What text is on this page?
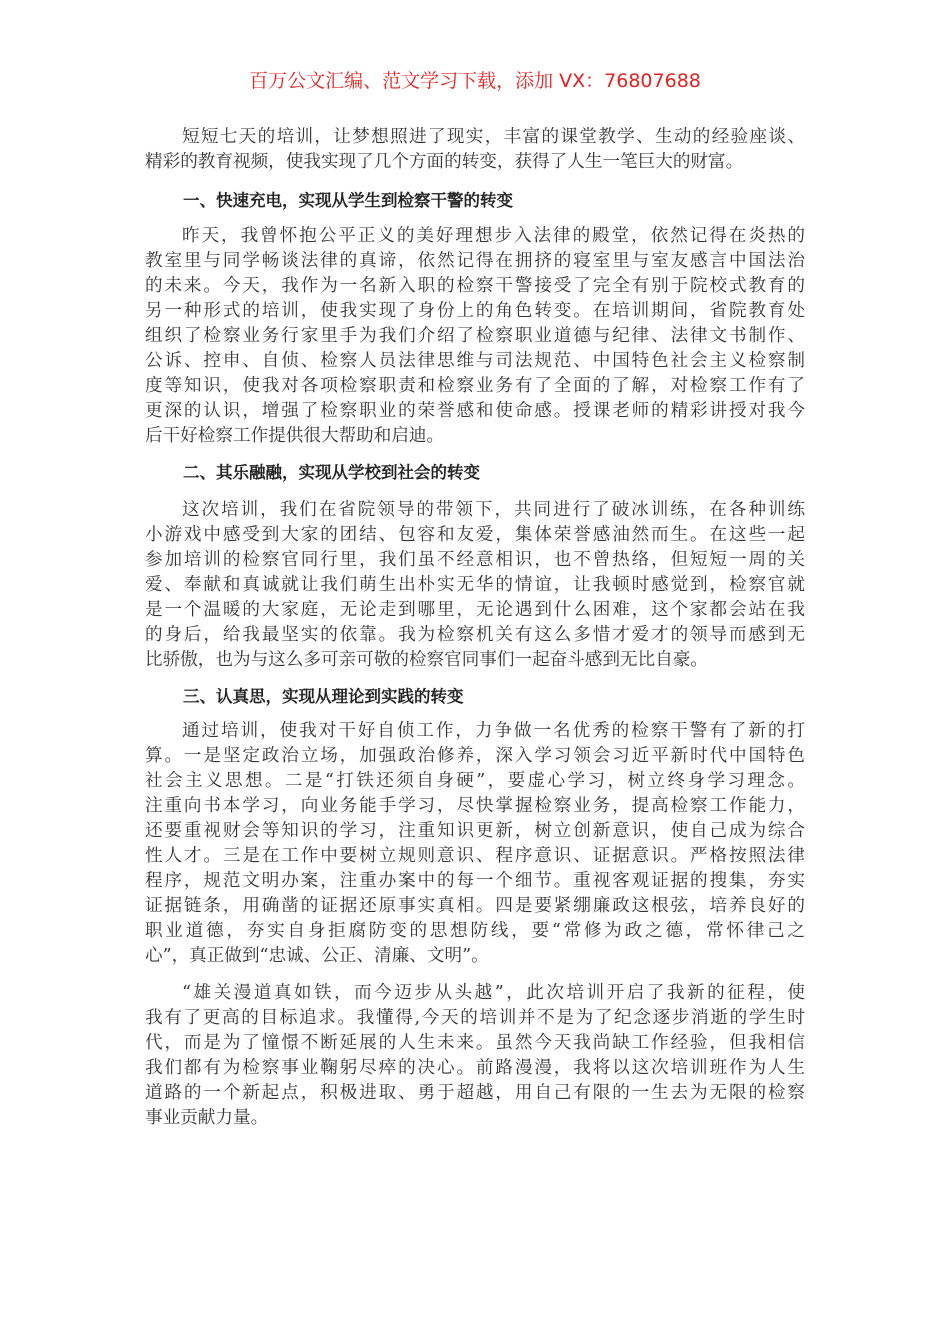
百万公文汇编、范文学习下载，添加 VX：76807688
短短七天的培训，让梦想照进了现实，丰富的课堂教学、生动的经验座谈、
精彩的教育视频，使我实现了几个方面的转变，获得了人生一笔巨大的财富。
一、快速充电，实现从学生到检察干警的转变
昨天，我曾怀抱公平正义的美好理想步入法律的殿堂，依然记得在炎热的
教室里与同学畅谈法律的真谛，依然记得在拥挤的寝室里与室友感言中国法治
的未来。今天，我作为一名新入职的检察干警接受了完全有别于院校式教育的
另一种形式的培训，使我实现了身份上的角色转变。在培训期间，省院教育处
组织了检察业务行家里手为我们介绍了检察职业道德与纪律、法律文书制作、
公诉、控申、自侦、检察人员法律思维与司法规范、中国特色社会主义检察制
度等知识，使我对各项检察职责和检察业务有了全面的了解，对检察工作有了
更深的认识，增强了检察职业的荣誉感和使命感。授课老师的精彩讲授对我今
后干好检察工作提供很大帮助和启迪。
二、其乐融融，实现从学校到社会的转变
这次培训，我们在省院领导的带领下，共同进行了破冰训练，在各种训练
小游戏中感受到大家的团结、包容和友爱，集体荣誉感油然而生。在这些一起
参加培训的检察官同行里，我们虽不经意相识，也不曾热络，但短短一周的关
爱、奉献和真诚就让我们萌生出朴实无华的情谊，让我顿时感觉到，检察官就
是一个温暖的大家庭，无论走到哪里，无论遇到什么困难，这个家都会站在我
的身后，给我最坚实的依靠。我为检察机关有这么多惜才爱才的领导而感到无
比骄傲，也为与这么多可亲可敬的检察官同事们一起奋斗感到无比自豪。
三、认真思，实现从理论到实践的转变
通过培训，使我对干好自侦工作，力争做一名优秀的检察干警有了新的打
算。一是坚定政治立场，加强政治修养，深入学习领会习近平新时代中国特色
社会主义思想。二是“打铁还须自身硬”，要虚心学习，树立终身学习理念。
注重向书本学习，向业务能手学习，尽快掌握检察业务，提高检察工作能力，
还要重视财会等知识的学习，注重知识更新，树立创新意识，使自己成为综合
性人才。三是在工作中要树立规则意识、程序意识、证据意识。严格按照法律
程序，规范文明办案，注重办案中的每一个细节。重视客观证据的搜集，夯实
证据链条，用确凿的证据还原事实真相。四是要紧绷廉政这根弦，培养良好的
职业道德，夯实自身拒腐防变的思想防线，要“常修为政之德，常怀律己之
心”，真正做到“忠诚、公正、清廉、文明”。
“雄关漫道真如铁，而今迈步从头越”，此次培训开启了我新的征程，使
我有了更高的目标追求。我懂得,今天的培训并不是为了纪念逐步消逝的学生时
代，而是为了憧憬不断延展的人生未来。虽然今天我尚缺工作经验，但我相信
我们都有为检察事业鞠躬尽瘁的决心。前路漫漫，我将以这次培训班作为人生
道路的一个新起点，积极进取、勇于超越，用自己有限的一生去为无限的检察
事业贡献力量。
